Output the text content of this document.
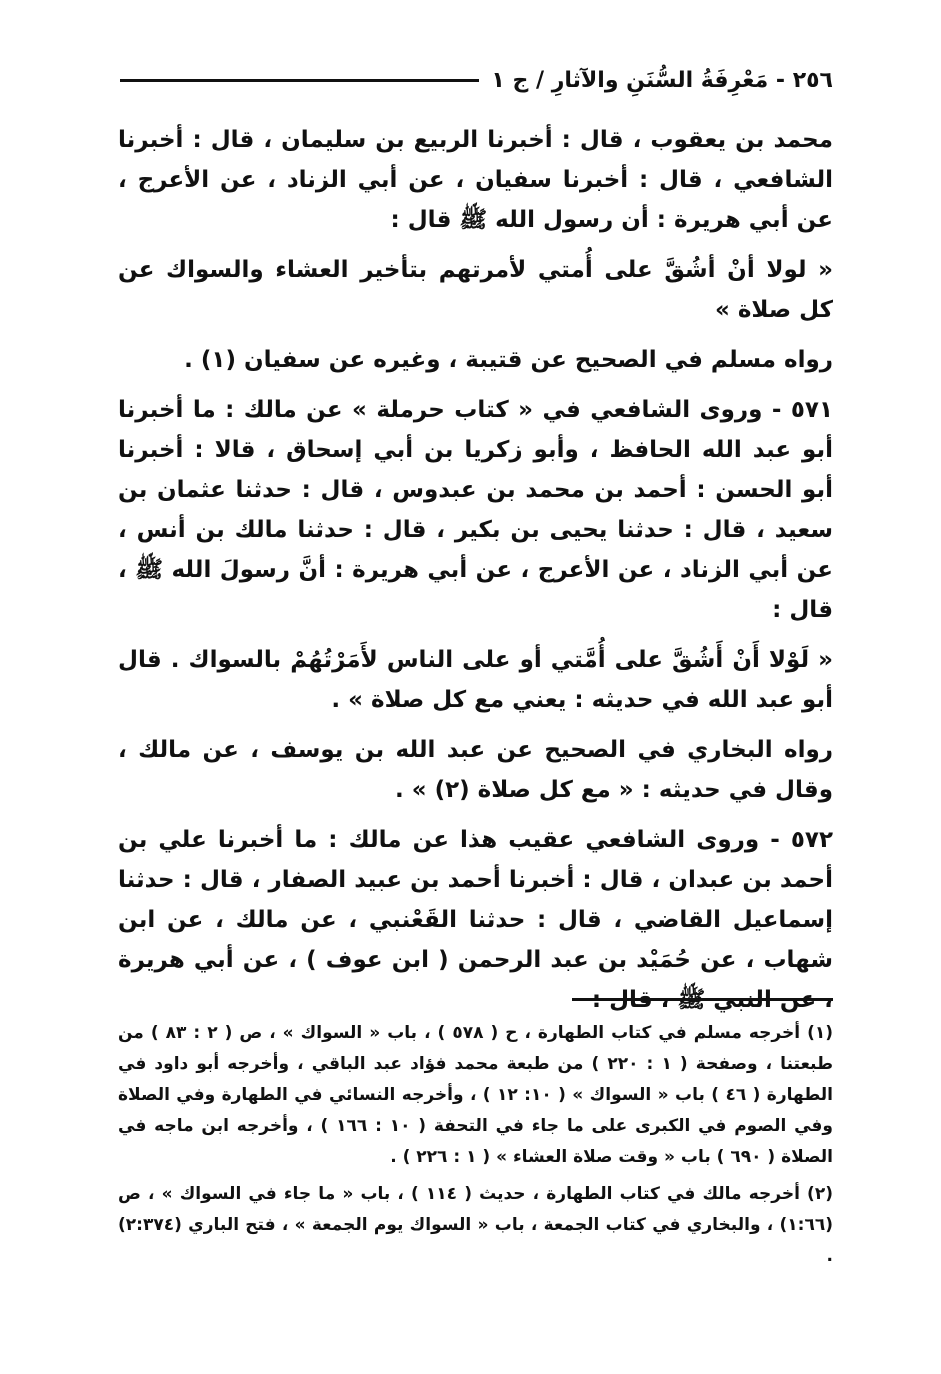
٢٥٦ - مَعْرِفَةُ السُّنَنِ والآثارِ / ج ١

محمد بن يعقوب ، قال : أخبرنا الربيع بن سليمان ، قال : أخبرنا الشافعي ، قال : أخبرنا سفيان ، عن أبي الزناد ، عن الأعرج ، عن أبي هريرة : أن رسول الله ﷺ قال :

« لولا أنْ أشُقَّ على أُمتي لأمرتهم بتأخير العشاء والسواك عن كل صلاة »

رواه مسلم في الصحيح عن قتيبة ، وغيره عن سفيان (١) .

٥٧١ - وروى الشافعي في « كتاب حرملة » عن مالك : ما أخبرنا أبو عبد الله الحافظ ، وأبو زكريا بن أبي إسحاق ، قالا : أخبرنا أبو الحسن : أحمد بن محمد بن عبدوس ، قال : حدثنا عثمان بن سعيد ، قال : حدثنا يحيى بن بكير ، قال : حدثنا مالك بن أنس ، عن أبي الزناد ، عن الأعرج ، عن أبي هريرة : أنَّ رسولَ الله ﷺ ، قال :

« لَوْلا أَنْ أَشُقَّ على أُمَّتي أو على الناس لأَمَرْتُهُمْ بالسواك . قال أبو عبد الله في حديثه : يعني مع كل صلاة » .

رواه البخاري في الصحيح عن عبد الله بن يوسف ، عن مالك ، وقال في حديثه : « مع كل صلاة (٢) » .

٥٧٢ - وروى الشافعي عقيب هذا عن مالك : ما أخبرنا علي بن أحمد بن عبدان ، قال : أخبرنا أحمد بن عبيد الصفار ، قال : حدثنا إسماعيل القاضي ، قال : حدثنا القَعْنبي ، عن مالك ، عن ابن شهاب ، عن حُمَيْد بن عبد الرحمن ( ابن عوف ) ، عن أبي هريرة ، عن النبي ﷺ ، قال :

(١) أخرجه مسلم في كتاب الطهارة ، ح ( ٥٧٨ ) ، باب « السواك » ، ص ( ٢ : ٨٣ ) من طبعتنا ، وصفحة ( ١ : ٢٢٠ ) من طبعة محمد فؤاد عبد الباقي ، وأخرجه أبو داود في الطهارة ( ٤٦ ) باب « السواك » ( ١٠: ١٢ ) ، وأخرجه النسائي في الطهارة وفي الصلاة وفي الصوم في الكبرى على ما جاء في التحفة ( ١٠ : ١٦٦ ) ، وأخرجه ابن ماجه في الصلاة ( ٦٩٠ ) باب « وقت صلاة العشاء » ( ١ : ٢٢٦ ) .

(٢) أخرجه مالك في كتاب الطهارة ، حديث ( ١١٤ ) ، باب « ما جاء في السواك » ، ص (١:٦٦) ، والبخاري في كتاب الجمعة ، باب « السواك يوم الجمعة » ، فتح الباري (٢:٣٧٤) .
